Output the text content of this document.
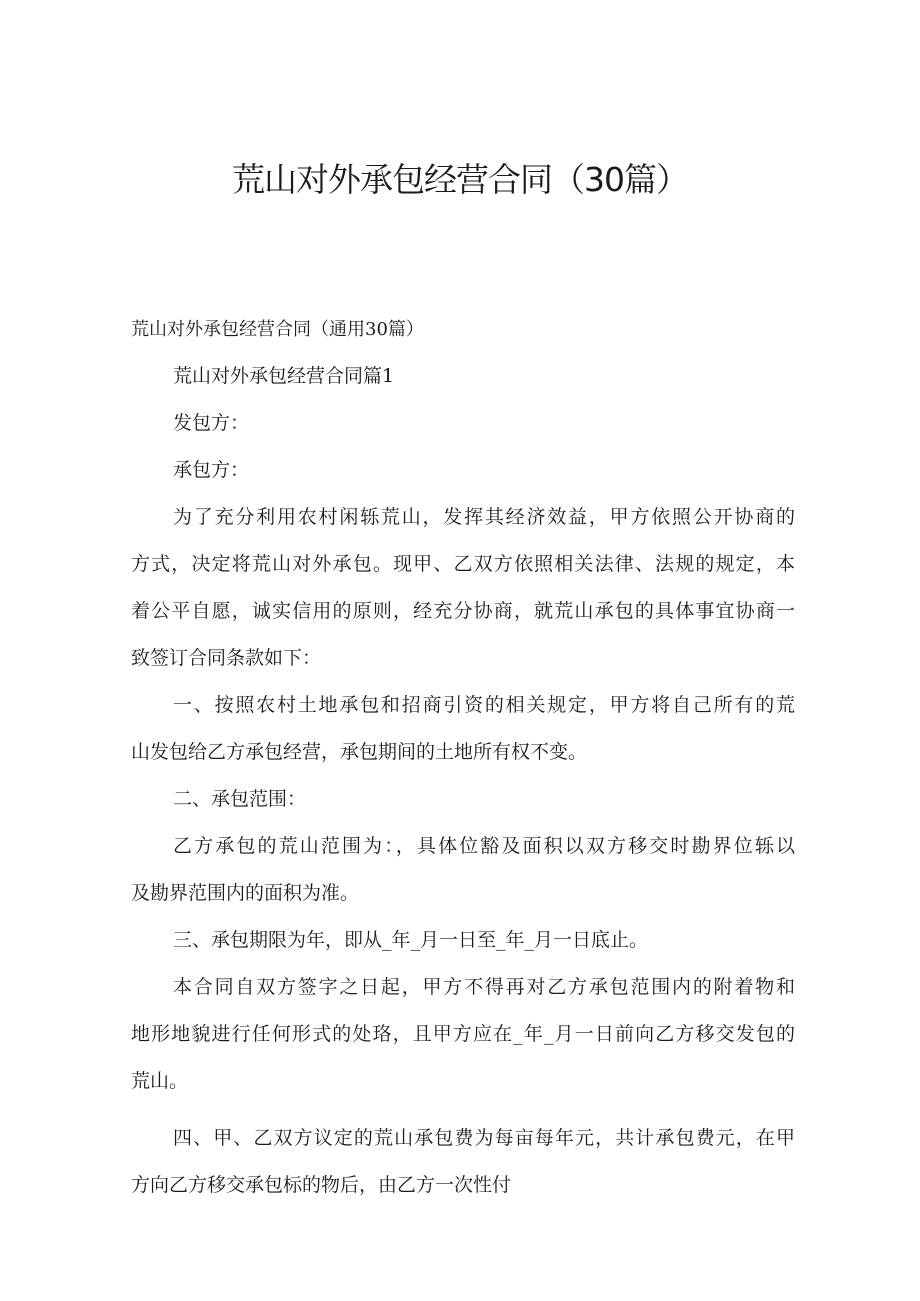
荒山对外承包经营合同（30篇）
荒山对外承包经营合同（通用30篇）
荒山对外承包经营合同篇1
发包方：
承包方：
为了充分利用农村闲轹荒山，发挥其经济效益，甲方依照公开协商的
方式，决定将荒山对外承包。现甲、乙双方依照相关法律、法规的规定，本
着公平自愿，诚实信用的原则，经充分协商，就荒山承包的具体事宜协商一
致签订合同条款如下：
一、按照农村土地承包和招商引资的相关规定，甲方将自己所有的荒
山发包给乙方承包经营，承包期间的土地所有权不变。
二、承包范围：
乙方承包的荒山范围为：，具体位豁及面积以双方移交时勘界位轹以
及勘界范围内的面积为准。
三、承包期限为年，即从_年_月一日至_年_月一日底止。
本合同自双方签字之日起，甲方不得再对乙方承包范围内的附着物和
地形地貌进行任何形式的处珞，且甲方应在_年_月一日前向乙方移交发包的
荒山。
四、甲、乙双方议定的荒山承包费为每亩每年元，共计承包费元，在甲
方向乙方移交承包标的物后，由乙方一次性付
